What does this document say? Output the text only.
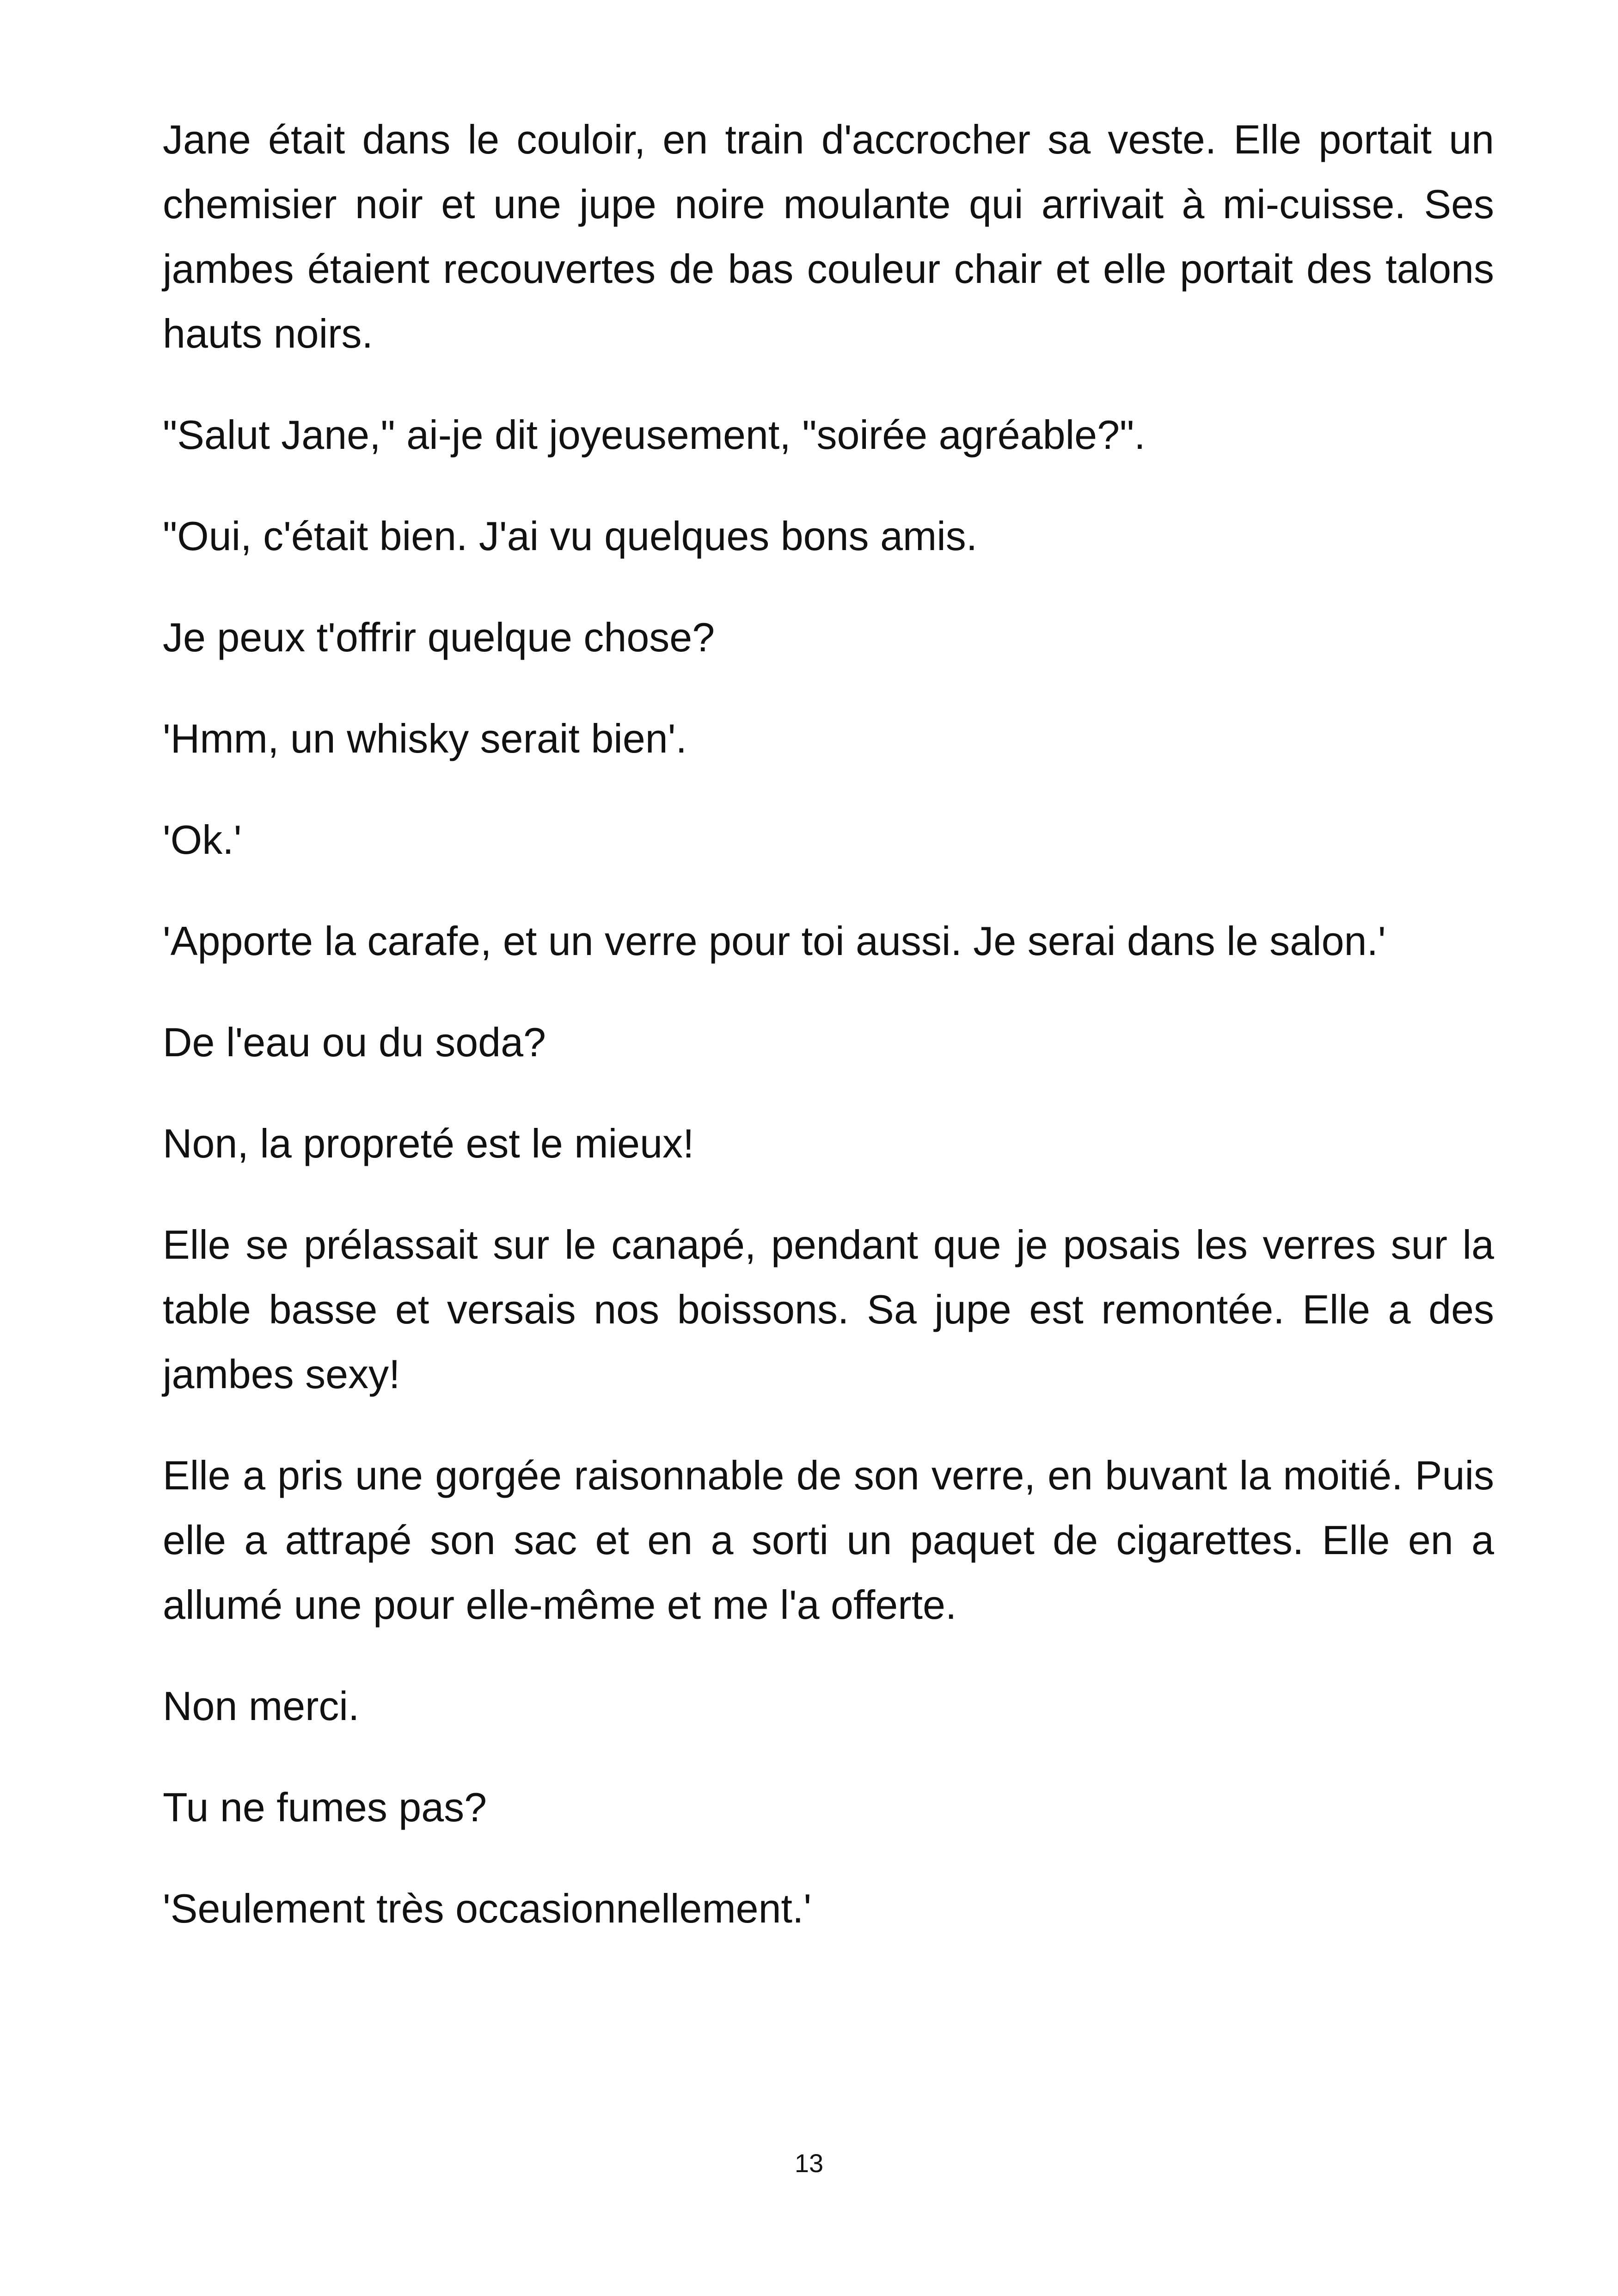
Jane était dans le couloir, en train d'accrocher sa veste. Elle portait un chemisier noir et une jupe noire moulante qui arrivait à mi-cuisse. Ses jambes étaient recouvertes de bas couleur chair et elle portait des talons hauts noirs.

"Salut Jane," ai-je dit joyeusement, "soirée agréable?".

"Oui, c'était bien. J'ai vu quelques bons amis.

Je peux t'offrir quelque chose?

'Hmm, un whisky serait bien'.

'Ok.'

'Apporte la carafe, et un verre pour toi aussi. Je serai dans le salon.'

De l'eau ou du soda?

Non, la propreté est le mieux!

Elle se prélassait sur le canapé, pendant que je posais les verres sur la table basse et versais nos boissons. Sa jupe est remontée. Elle a des jambes sexy!

Elle a pris une gorgée raisonnable de son verre, en buvant la moitié. Puis elle a attrapé son sac et en a sorti un paquet de cigarettes. Elle en a allumé une pour elle-même et me l'a offerte.

Non merci.

Tu ne fumes pas?

'Seulement très occasionnellement.'

13
